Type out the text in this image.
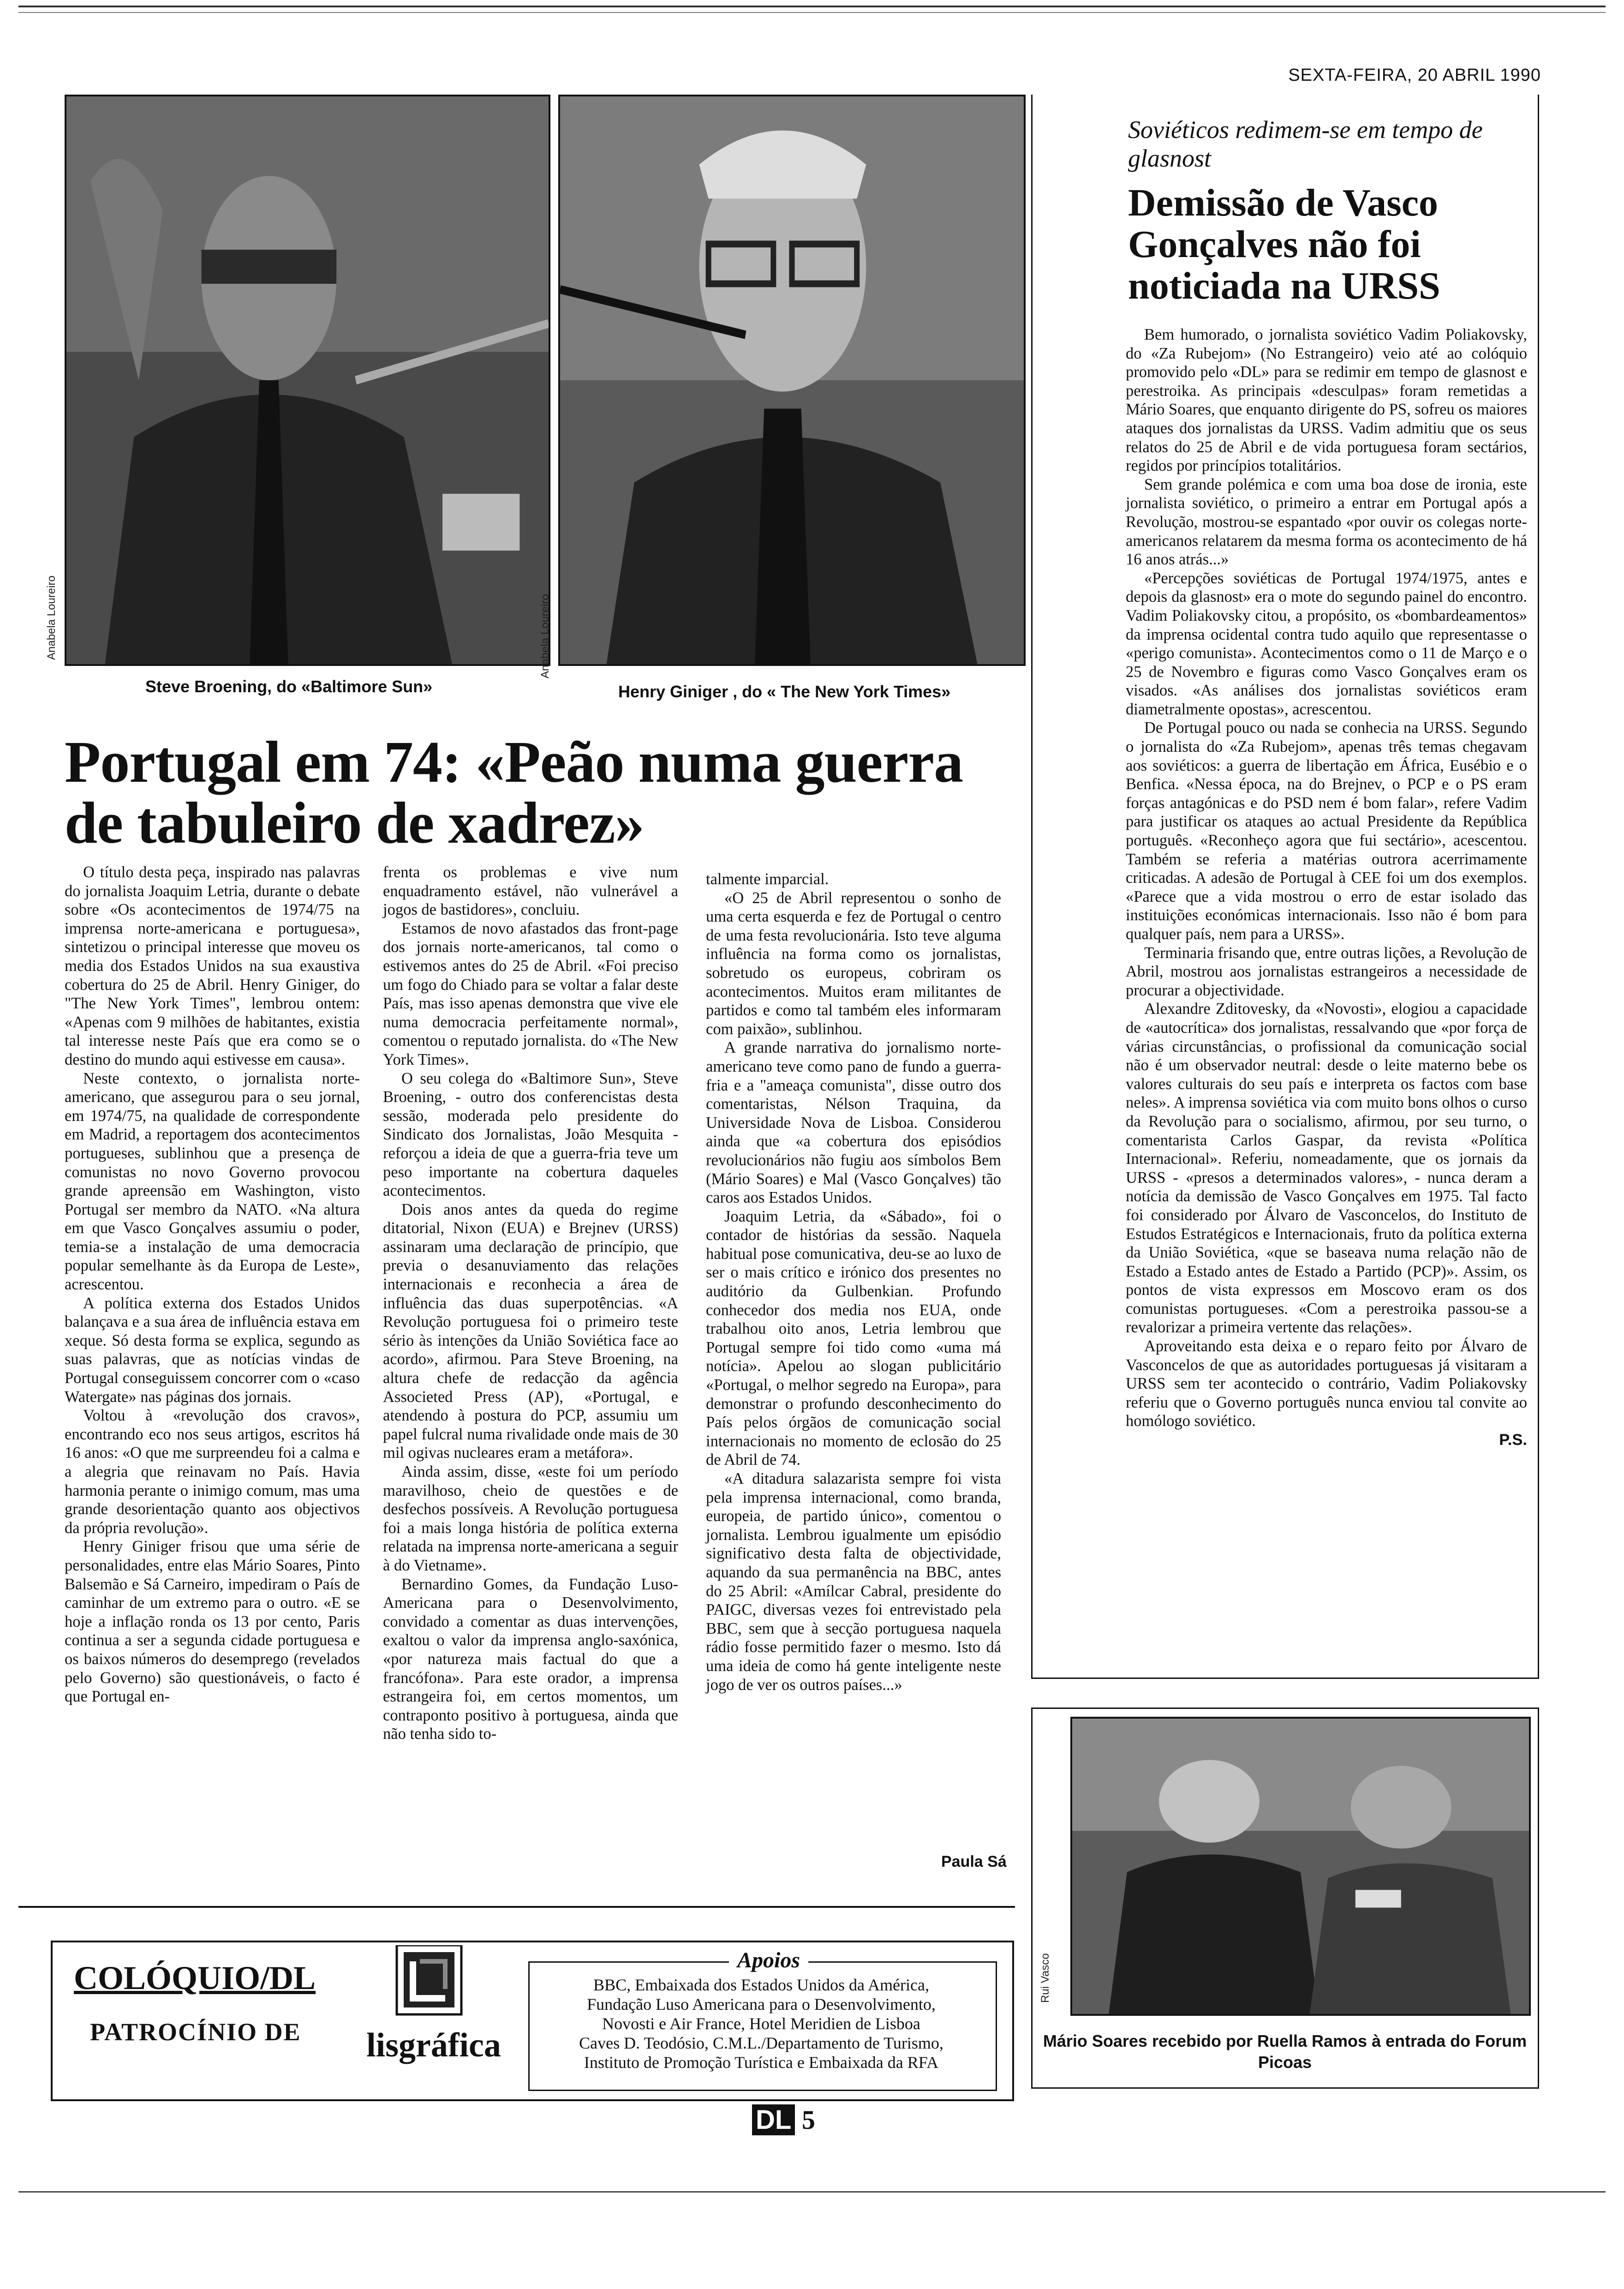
SEXTA-FEIRA, 20 ABRIL 1990
Anabela Loureiro
Steve Broening, do «Baltimore Sun»
Anabela Loureiro
Henry Giniger , do « The New York Times»
Portugal em 74: «Peão numa guerra de tabuleiro de xadrez»

O título desta peça, inspirado nas palavras do jornalista Joaquim Letria, durante o debate sobre «Os acontecimentos de 1974/75 na imprensa norte-americana e portuguesa», sintetizou o principal interesse que moveu os media dos Estados Unidos na sua exaustiva cobertura do 25 de Abril. Henry Giniger, do "The New York Times", lembrou ontem: «Apenas com 9 milhões de habitantes, existia tal interesse neste País que era como se o destino do mundo aqui estivesse em causa».

Neste contexto, o jornalista norte-americano, que assegurou para o seu jornal, em 1974/75, na qualidade de correspondente em Madrid, a reportagem dos acontecimentos portugueses, sublinhou que a presença de comunistas no novo Governo provocou grande apreensão em Washington, visto Portugal ser membro da NATO. «Na altura em que Vasco Gonçalves assumiu o poder, temia-se a instalação de uma democracia popular semelhante às da Europa de Leste», acrescentou.

A política externa dos Estados Unidos balançava e a sua área de influência estava em xeque. Só desta forma se explica, segundo as suas palavras, que as notícias vindas de Portugal conseguissem concorrer com o «caso Watergate» nas páginas dos jornais.

Voltou à «revolução dos cravos», encontrando eco nos seus artigos, escritos há 16 anos: «O que me surpreendeu foi a calma e a alegria que reinavam no País. Havia harmonia perante o inimigo comum, mas uma grande desorientação quanto aos objectivos da própria revolução».

Henry Giniger frisou que uma série de personalidades, entre elas Mário Soares, Pinto Balsemão e Sá Carneiro, impediram o País de caminhar de um extremo para o outro. «E se hoje a inflação ronda os 13 por cento, Paris continua a ser a segunda cidade portuguesa e os baixos números do desemprego (revelados pelo Governo) são questionáveis, o facto é que Portugal en-

frenta os problemas e vive num enquadramento estável, não vulnerável a jogos de bastidores», concluiu.

Estamos de novo afastados das front-page dos jornais norte-americanos, tal como o estivemos antes do 25 de Abril. «Foi preciso um fogo do Chiado para se voltar a falar deste País, mas isso apenas demonstra que vive ele numa democracia perfeitamente normal», comentou o reputado jornalista. do «The New York Times».

O seu colega do «Baltimore Sun», Steve Broening, - outro dos conferencistas desta sessão, moderada pelo presidente do Sindicato dos Jornalistas, João Mesquita - reforçou a ideia de que a guerra-fria teve um peso importante na cobertura daqueles acontecimentos.

Dois anos antes da queda do regime ditatorial, Nixon (EUA) e Brejnev (URSS) assinaram uma declaração de princípio, que previa o desanuviamento das relações internacionais e reconhecia a área de influência das duas superpotências. «A Revolução portuguesa foi o primeiro teste sério às intenções da União Soviética face ao acordo», afirmou. Para Steve Broening, na altura chefe de redacção da agência Associeted Press (AP), «Portugal, e atendendo à postura do PCP, assumiu um papel fulcral numa rivalidade onde mais de 30 mil ogivas nucleares eram a metáfora».

Ainda assim, disse, «este foi um período maravilhoso, cheio de questões e de desfechos possíveis. A Revolução portuguesa foi a mais longa história de política externa relatada na imprensa norte-americana a seguir à do Vietname».

Bernardino Gomes, da Fundação Luso-Americana para o Desenvolvimento, convidado a comentar as duas intervenções, exaltou o valor da imprensa anglo-saxónica, «por natureza mais factual do que a francófona». Para este orador, a imprensa estrangeira foi, em certos momentos, um contraponto positivo à portuguesa, ainda que não tenha sido to-

talmente imparcial.

«O 25 de Abril representou o sonho de uma certa esquerda e fez de Portugal o centro de uma festa revolucionária. Isto teve alguma influência na forma como os jornalistas, sobretudo os europeus, cobriram os acontecimentos. Muitos eram militantes de partidos e como tal também eles informaram com paixão», sublinhou.

A grande narrativa do jornalismo norte-americano teve como pano de fundo a guerra-fria e a "ameaça comunista", disse outro dos comentaristas, Nélson Traquina, da Universidade Nova de Lisboa. Considerou ainda que «a cobertura dos episódios revolucionários não fugiu aos símbolos Bem (Mário Soares) e Mal (Vasco Gonçalves) tão caros aos Estados Unidos.

Joaquim Letria, da «Sábado», foi o contador de histórias da sessão. Naquela habitual pose comunicativa, deu-se ao luxo de ser o mais crítico e irónico dos presentes no auditório da Gulbenkian. Profundo conhecedor dos media nos EUA, onde trabalhou oito anos, Letria lembrou que Portugal sempre foi tido como «uma má notícia». Apelou ao slogan publicitário «Portugal, o melhor segredo na Europa», para demonstrar o profundo desconhecimento do País pelos órgãos de comunicação social internacionais no momento de eclosão do 25 de Abril de 74.

«A ditadura salazarista sempre foi vista pela imprensa internacional, como branda, europeia, de partido único», comentou o jornalista. Lembrou igualmente um episódio significativo desta falta de objectividade, aquando da sua permanência na BBC, antes do 25 Abril: «Amílcar Cabral, presidente do PAIGC, diversas vezes foi entrevistado pela BBC, sem que à secção portuguesa naquela rádio fosse permitido fazer o mesmo. Isto dá uma ideia de como há gente inteligente neste jogo de ver os outros países...»

Paula Sá
Soviéticos redimem-se em tempo de glasnost
Demissão de Vasco Gonçalves não foi noticiada na URSS

Bem humorado, o jornalista soviético Vadim Poliakovsky, do «Za Rubejom» (No Estrangeiro) veio até ao colóquio promovido pelo «DL» para se redimir em tempo de glasnost e perestroika. As principais «desculpas» foram remetidas a Mário Soares, que enquanto dirigente do PS, sofreu os maiores ataques dos jornalistas da URSS. Vadim admitiu que os seus relatos do 25 de Abril e de vida portuguesa foram sectários, regidos por princípios totalitários.

Sem grande polémica e com uma boa dose de ironia, este jornalista soviético, o primeiro a entrar em Portugal após a Revolução, mostrou-se espantado «por ouvir os colegas norte-americanos relatarem da mesma forma os acontecimento de há 16 anos atrás...»

«Percepções soviéticas de Portugal 1974/1975, antes e depois da glasnost» era o mote do segundo painel do encontro. Vadim Poliakovsky citou, a propósito, os «bombardeamentos» da imprensa ocidental contra tudo aquilo que representasse o «perigo comunista». Acontecimentos como o 11 de Março e o 25 de Novembro e figuras como Vasco Gonçalves eram os visados. «As análises dos jornalistas soviéticos eram diametralmente opostas», acrescentou.

De Portugal pouco ou nada se conhecia na URSS. Segundo o jornalista do «Za Rubejom», apenas três temas chegavam aos soviéticos: a guerra de libertação em África, Eusébio e o Benfica. «Nessa época, na do Brejnev, o PCP e o PS eram forças antagónicas e do PSD nem é bom falar», refere Vadim para justificar os ataques ao actual Presidente da República português. «Reconheço agora que fui sectário», acescentou. Também se referia a matérias outrora acerrimamente criticadas. A adesão de Portugal à CEE foi um dos exemplos. «Parece que a vida mostrou o erro de estar isolado das instituições económicas internacionais. Isso não é bom para qualquer país, nem para a URSS».

Terminaria frisando que, entre outras lições, a Revolução de Abril, mostrou aos jornalistas estrangeiros a necessidade de procurar a objectividade.

Alexandre Zditovesky, da «Novosti», elogiou a capacidade de «autocrítica» dos jornalistas, ressalvando que «por força de várias circunstâncias, o profissional da comunicação social não é um observador neutral: desde o leite materno bebe os valores culturais do seu país e interpreta os factos com base neles». A imprensa soviética via com muito bons olhos o curso da Revolução para o socialismo, afirmou, por seu turno, o comentarista Carlos Gaspar, da revista «Política Internacional». Referiu, nomeadamente, que os jornais da URSS - «presos a determinados valores», - nunca deram a notícia da demissão de Vasco Gonçalves em 1975. Tal facto foi considerado por Álvaro de Vasconcelos, do Instituto de Estudos Estratégicos e Internacionais, fruto da política externa da União Soviética, «que se baseava numa relação não de Estado a Estado antes de Estado a Partido (PCP)». Assim, os pontos de vista expressos em Moscovo eram os dos comunistas portugueses. «Com a perestroika passou-se a revalorizar a primeira vertente das relações».

Aproveitando esta deixa e o reparo feito por Álvaro de Vasconcelos de que as autoridades portuguesas já visitaram a URSS sem ter acontecido o contrário, Vadim Poliakovsky referiu que o Governo português nunca enviou tal convite ao homólogo soviético.

P.S.
Rui Vasco
Mário Soares recebido por Ruella Ramos à entrada do Forum Picoas
COLÓQUIO/DL
PATROCÍNIO DE lisgráfica
Apoios
BBC, Embaixada dos Estados Unidos da América,
Fundação Luso Americana para o Desenvolvimento,
Novosti e Air France, Hotel Meridien de Lisboa
Caves D. Teodósio, C.M.L./Departamento de Turismo,
Instituto de Promoção Turística e Embaixada da RFA
DL 5
